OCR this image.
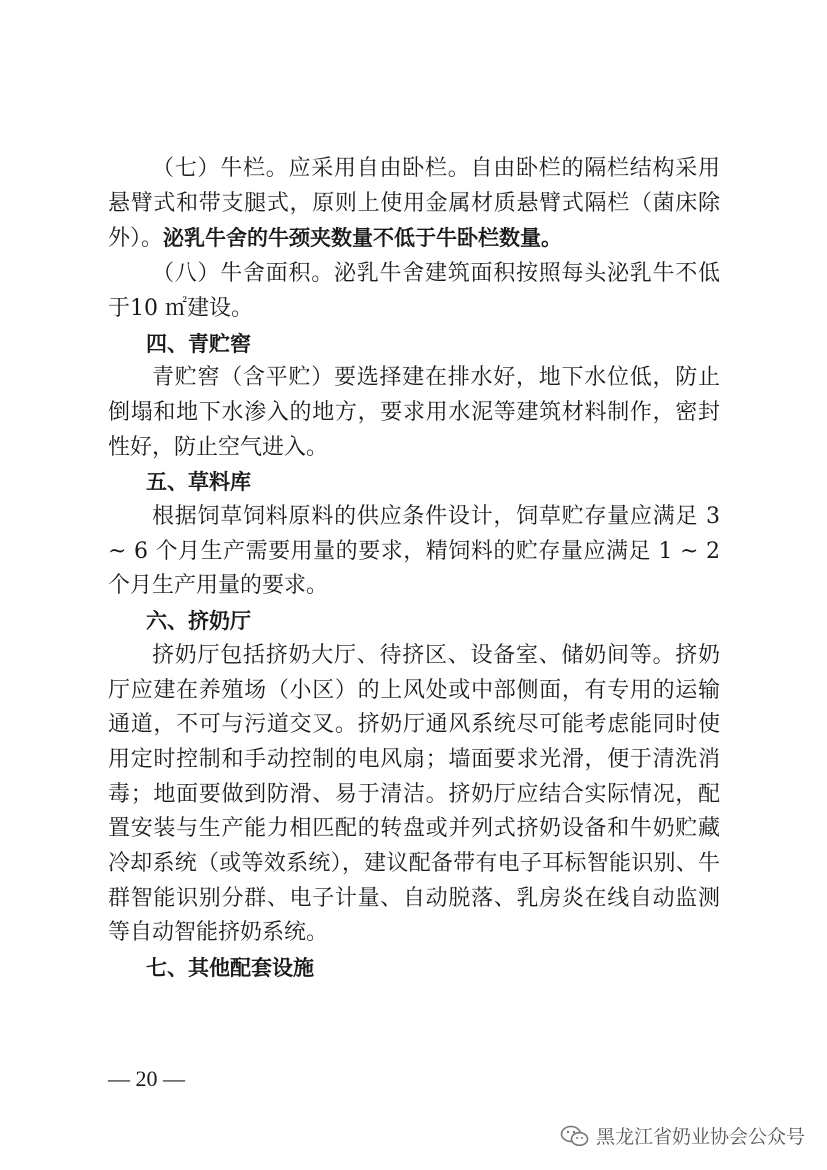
（七）牛栏。应采用自由卧栏。自由卧栏的隔栏结构采用悬臂式和带支腿式，原则上使用金属材质悬臂式隔栏（菌床除外）。泌乳牛舍的牛颈夹数量不低于牛卧栏数量。

（八）牛舍面积。泌乳牛舍建筑面积按照每头泌乳牛不低于10 ㎡建设。

四、青贮窖

青贮窖（含平贮）要选择建在排水好，地下水位低，防止倒塌和地下水渗入的地方，要求用水泥等建筑材料制作，密封性好，防止空气进入。

五、草料库

根据饲草饲料原料的供应条件设计，饲草贮存量应满足 3 ~ 6 个月生产需要用量的要求，精饲料的贮存量应满足 1 ~ 2 个月生产用量的要求。

六、挤奶厅

挤奶厅包括挤奶大厅、待挤区、设备室、储奶间等。挤奶厅应建在养殖场（小区）的上风处或中部侧面，有专用的运输通道，不可与污道交叉。挤奶厅通风系统尽可能考虑能同时使用定时控制和手动控制的电风扇；墙面要求光滑，便于清洗消毒；地面要做到防滑、易于清洁。挤奶厅应结合实际情况，配置安装与生产能力相匹配的转盘或并列式挤奶设备和牛奶贮藏冷却系统（或等效系统），建议配备带有电子耳标智能识别、牛群智能识别分群、电子计量、自动脱落、乳房炎在线自动监测等自动智能挤奶系统。

七、其他配套设施

— 20 —
黑龙江省奶业协会公众号
